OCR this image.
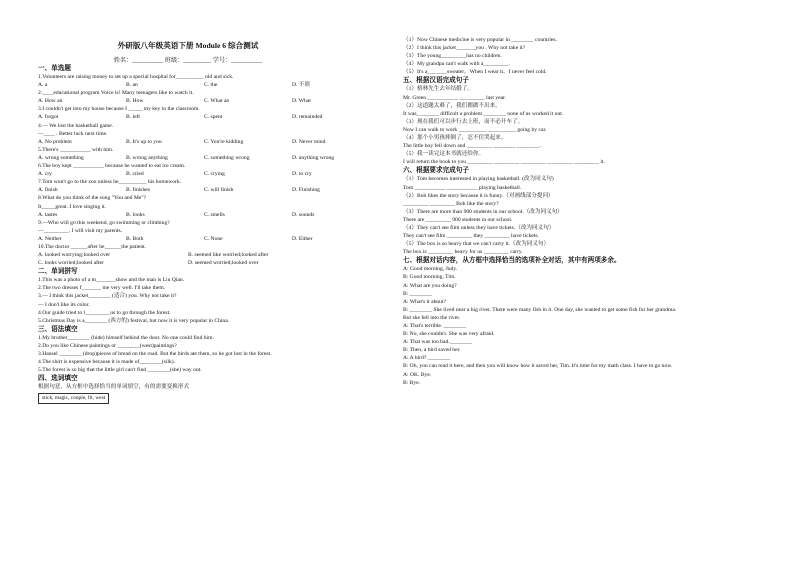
外研版八年级英语下册 Module 6 综合测试
姓名：__________ 班级：_________ 学号：__________
一、单选题
1.Volunteers are raising money to set up a special hospital for__________ old and sick.
A. a	B. an	C. the	D. 不填
2.____educational program Voice is! Many teenagers like to watch it.
A. How an	B. How	C. What an	D. What
3.I couldn't get into my house because I _____ my key in the classroom.
A. forgot	B. left	C. spent	D. remainded
4.— We lost the basketball game.
—____ . Better luck next time.
A. No problem	B. It's up to you	C. You're kidding	D. Never mind
5.There's ___________ with him.
A. wrong something	B. wrong anything	C. something wrong	D. anything wrong
6.The boy kept ___________ because he wanted to eat ice cream.
A. cry	B. cried	C. crying	D. to cry
7.Tom won't go to the zoo unless he__________ his homework.
A. finish	B. finishes	C. will finish	D. Finishing
8.What do you think of the song "You and Me"?
It_____great. I love singing it.
A. tastes	B. looks	C. smells	D. sounds
9.—Who will go this weekend, go swimming or climbing?
—_________. I will visit my parents.
A. Neither	B. Both	C. None	D. Either
10.The doctor ______after he______the patient.
A. looked worrying;looked over	B. seemed like worried;looked after
C. looks worried;looked after	D. seemed worried;looked over
二、单词拼写
1.This was a photo of a m_______show and the man is Liu Qian.
2.The two dresses f_______ me very well. I'll take them.
3.— I think this jacket________ (适合) you. Why not take it?
— I don't like its color.
4.Our guide tried to l_________us to go through the forest.
5.Christmas Day is a________ (西方的) festival, but now it is very popular in China.
三、语法填空
1.My brother________ (hide) himself behind the door. No one could find him.
2.Do you like Chinese paintings or ________(west)paintings?
3.Hansel ________ (drop)pieces of bread on the road. But the birds ate them, so he got lost in the forest.
4.The shirt is expensive because it is made of________(silk).
5.The forest is so big that the little girl can't find ________(she) way out.
四、选词填空
根据句意，从方框中选择恰当的单词填空，有的需要变换形式
stick, magic, couple, fit, west
（1）Now Chinese medicine is very popular in ________ countries.
（2）I think this jacket_______you . Why not take it?
（3）The young_________has no children.
（4）My grandpa can't walk with a_________.
（5）It's a_______sweater。When I wear it，I never feel cold.
五、根据汉语完成句子
（1）格林先生去年结婚了。
Mr. Green ___________ _________ last year.
（2）这道题太难了，我们都做不出来。
It was________ difficult a problem ________ none of us worked it out.
（3）现在我们可以步行去上班，而不必开车了。
Now I can walk to work __________ __________ going by car.
（4）那个小男孩摔倒了，忍不住哭起来。
The little boy fell down and _________ ________ ________.
（5）我一读完这本书就还给你。
I will return the book to you _________ _________ _________ _________ _________ it.
六、根据要求完成句子
（1）Tom becomes interested in playing basketball. (改为同义句)
Tom ___________ ___________ playing basketball.
（2）Bob likes the story because it is funny.（对画线部分提问）
_________ _________ Bob like the story?
（3）There are more than 900 students in our school.（改为同义句）
There are _________ 900 students in our school.
（4）They can't see film unless they have tickets.（改为同义句）
They can't see film _________ they _________ have tickets.
（5）The box is so heavy that we can't carry it.（改为同义句）
The box is _________ heavy for us _________ carry.
七、根据对话内容，从方框中选择恰当的选项补全对话，其中有两项多余。
A: Good morning, Judy.
B: Good morning, Tim.
A: What are you doing?
B: ________
A: What's it about?
B: ________ She lived near a big river. There were many fish in it. One day, she wanted to get some fish for her grandma.
But she fell into the river.
A: That's terrible. ________
B: No, she couldn't. She was very afraid.
A: That was too bad.________
B: Then, a bird saved her.
A: A bird? ________
B: Oh, you can read it here, and then you will know how it saved her, Tim. It's time for my math class. I have to go now.
A: OK. Bye.
B: Bye.
